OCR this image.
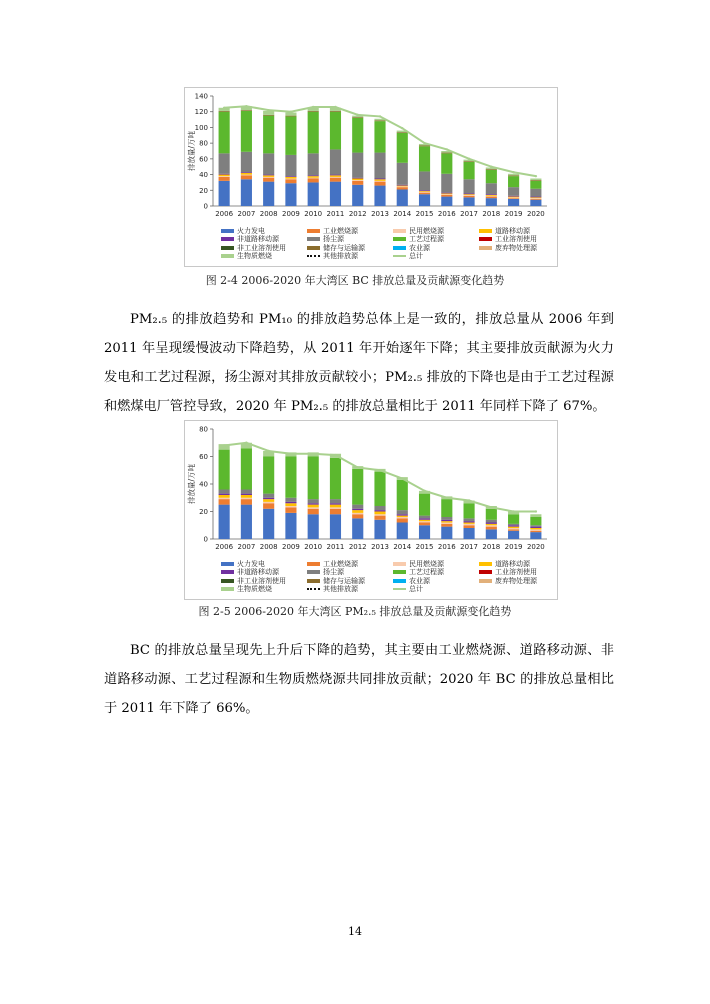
0
20
40
60
80
100
120
140
排放量/万吨
2006 2007 2008 2009 2010 2011 2012 2013 2014 2015 2016 2017 2018 2019 2020
火力发电	工业燃烧源	民用燃烧源	道路移动源
非道路移动源	扬尘源	工艺过程源	工业溶剂使用
非工业溶剂使用	储存与运输源	农业源	废弃物处理源
生物质燃烧	其他排放源	总计
图 2-4 2006-2020 年大湾区 BC 排放总量及贡献源变化趋势
PM₂.₅ 的排放趋势和 PM₁₀ 的排放趋势总体上是一致的，排放总量从 2006 年到 2011 年呈现缓慢波动下降趋势，从 2011 年开始逐年下降；其主要排放贡献源为火力发电和工艺过程源，扬尘源对其排放贡献较小；PM₂.₅ 排放的下降也是由于工艺过程源和燃煤电厂管控导致，2020 年 PM₂.₅ 的排放总量相比于 2011 年同样下降了 67%。
0
20
40
60
80
排放量/万吨
2006 2007 2008 2009 2010 2011 2012 2013 2014 2015 2016 2017 2018 2019 2020
火力发电	工业燃烧源	民用燃烧源	道路移动源
非道路移动源	扬尘源	工艺过程源	工业溶剂使用
非工业溶剂使用	储存与运输源	农业源	废弃物处理源
生物质燃烧	其他排放源	总计
图 2-5 2006-2020 年大湾区 PM₂.₅ 排放总量及贡献源变化趋势
BC 的排放总量呈现先上升后下降的趋势，其主要由工业燃烧源、道路移动源、非道路移动源、工艺过程源和生物质燃烧源共同排放贡献；2020 年 BC 的排放总量相比于 2011 年下降了 66%。
14
